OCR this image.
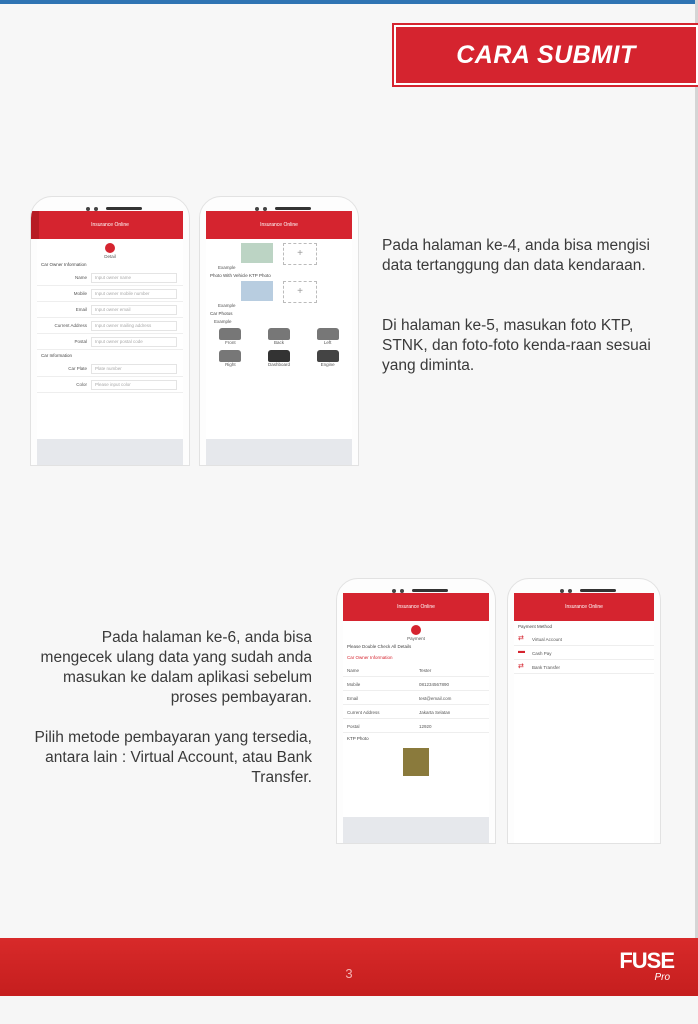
CARA SUBMIT
Insurance Online
Detail
Car Owner Information
Name	Input owner name
Mobile	Input owner mobile number
Email	Input owner email
Current Address	Input owner mailing address
Postal	Input owner postal code
Car Information
Car Plate	Plate number
Color	Please input color
Insurance Online
+
Example
Photo With Vehicle KTP Photo
+
Example
Car Photos
Example
Front	Back	Left
Right	Dashboard	Engine
Pada halaman ke-4, anda bisa mengisi data tertanggung dan data kendaraan.
Di halaman ke-5, masukan foto KTP, STNK, dan foto-foto kenda-raan sesuai yang diminta.
Pada halaman ke-6, anda bisa mengecek ulang data yang sudah anda masukan ke dalam aplikasi sebelum proses pembayaran.
Pilih metode pembayaran yang tersedia, antara lain : Virtual Account, atau Bank Transfer.
Insurance Online
Payment
Please Double Check All Details
Car Owner Information
Name	Tester
Mobile	081234567890
Email	test@email.com
Current Address	Jakarta Selatan
Postal	12920
KTP Photo
Insurance Online
Payment Method
⇄ Virtual Account
▬ Cash Pay
⇄ Bank Transfer
3
FUSE
Pro
